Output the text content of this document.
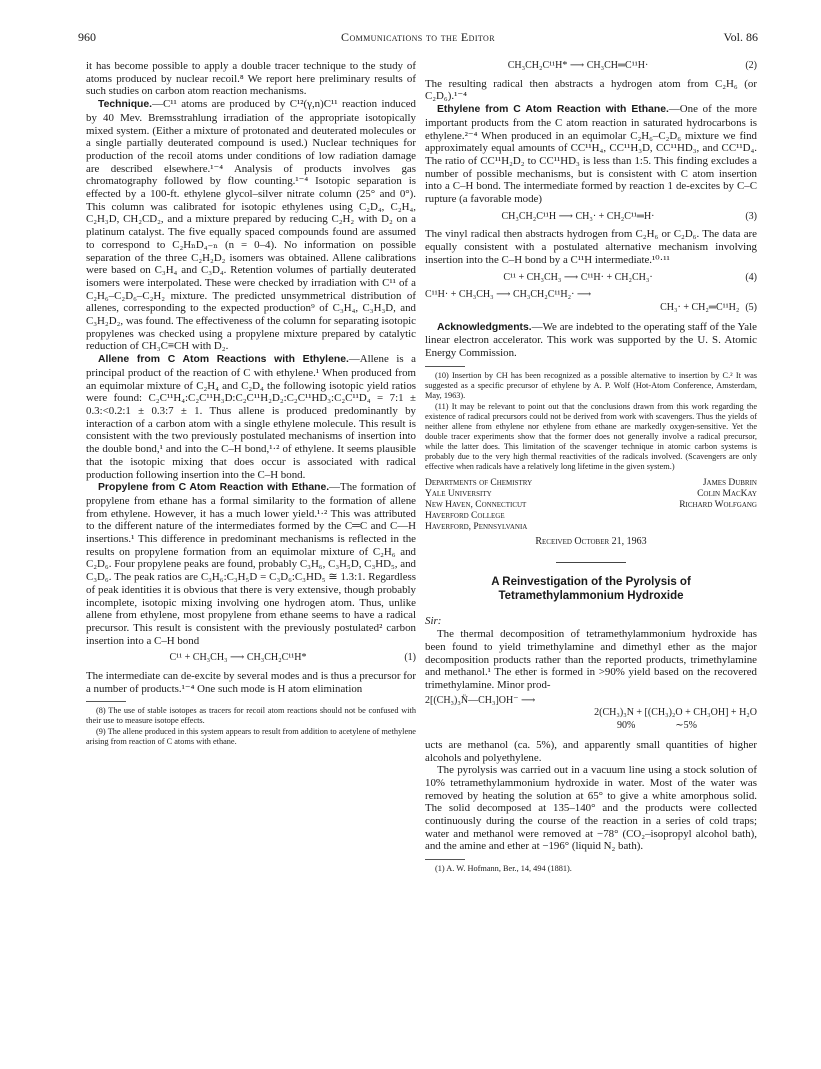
960	Communications to the Editor	Vol. 86

it has become possible to apply a double tracer technique to the study of atoms produced by nuclear recoil.⁸ We report here preliminary results of such studies on carbon atom reaction mechanisms.

Technique.—C¹¹ atoms are produced by C¹²(γ,n)C¹¹ reaction induced by 40 Mev. Bremsstrahlung irradiation of the appropriate isotopically mixed system. (Either a mixture of protonated and deuterated molecules or a single partially deuterated compound is used.) Nuclear techniques for production of the recoil atoms under conditions of low radiation damage are described elsewhere.¹⁻⁴ Analysis of products involves gas chromatography followed by flow counting.¹⁻⁴ Isotopic separation is effected by a 100-ft. ethylene glycol–silver nitrate column (25° and 0°). This column was calibrated for isotopic ethylenes using C₂D₄, C₂H₄, C₂H₃D, CH₂CD₂, and a mixture prepared by reducing C₂H₂ with D₂ on a platinum catalyst. The five equally spaced compounds found are assumed to correspond to C₂HₙD₄₋ₙ (n = 0–4). No information on possible separation of the three C₂H₂D₂ isomers was obtained. Allene calibrations were based on C₃H₄ and C₃D₄. Retention volumes of partially deuterated isomers were interpolated. These were checked by irradiation with C¹¹ of a C₂H₆–C₂D₆–C₂H₂ mixture. The predicted unsymmetrical distribution of allenes, corresponding to the expected production⁹ of C₃H₄, C₃H₃D, and C₃H₂D₂, was found. The effectiveness of the column for separating isotopic propylenes was checked using a propylene mixture prepared by catalytic reduction of CH₃C≡CH with D₂.

Allene from C Atom Reactions with Ethylene.—Allene is a principal product of the reaction of C with ethylene.¹ When produced from an equimolar mixture of C₂H₄ and C₂D₄ the following isotopic yield ratios were found: C₂C¹¹H₄:C₂C¹¹H₃D:C₂C¹¹H₂D₂:C₂C¹¹HD₃:C₂C¹¹D₄ = 7:1 ± 0.3:<0.2:1 ± 0.3:7 ± 1. Thus allene is produced predominantly by interaction of a carbon atom with a single ethylene molecule. This result is consistent with the two previously postulated mechanisms of insertion into the double bond,¹ and into the C–H bond,¹·² of ethylene. It seems plausible that the isotopic mixing that does occur is associated with radical production following insertion into the C–H bond.

Propylene from C Atom Reaction with Ethane.—The formation of propylene from ethane has a formal similarity to the formation of allene from ethylene. However, it has a much lower yield.¹·² This was attributed to the different nature of the intermediates formed by the C═C and C—H insertions.¹ This difference in predominant mechanisms is reflected in the results on propylene formation from an equimolar mixture of C₂H₆ and C₂D₆. Four propylene peaks are found, probably C₃H₆, C₃H₅D, C₃HD₅, and C₃D₆. The peak ratios are C₃H₆:C₃H₅D = C₃D₆:C₃HD₅ ≅ 1.3:1. Regardless of peak identities it is obvious that there is very extensive, though probably incomplete, isotopic mixing involving one hydrogen atom. Thus, unlike allene from ethylene, most propylene from ethane seems to have a radical precursor. This result is consistent with the previously postulated² carbon insertion into a C–H bond

C¹¹ + CH₃CH₃ ⟶ CH₃CH₂C¹¹H*	(1)

The intermediate can de-excite by several modes and is thus a precursor for a number of products.¹⁻⁴ One such mode is H atom elimination

(8) The use of stable isotopes as tracers for recoil atom reactions should not be confused with their use to measure isotope effects.

(9) The allene produced in this system appears to result from addition to acetylene of methylene arising from reaction of C atoms with ethane.

CH₃CH₂C¹¹H* ⟶ CH₃CH═C¹¹H·	(2)

The resulting radical then abstracts a hydrogen atom from C₂H₆ (or C₂D₆).¹⁻⁴

Ethylene from C Atom Reaction with Ethane.—One of the more important products from the C atom reaction in saturated hydrocarbons is ethylene.²⁻⁴ When produced in an equimolar C₂H₆–C₂D₆ mixture we find approximately equal amounts of CC¹¹H₄, CC¹¹H₃D, CC¹¹HD₃, and CC¹¹D₄. The ratio of CC¹¹H₂D₂ to CC¹¹HD₃ is less than 1:5. This finding excludes a number of possible mechanisms, but is consistent with C atom insertion into a C–H bond. The intermediate formed by reaction 1 de-excites by C–C rupture (a favorable mode)

CH₃CH₂C¹¹H ⟶ CH₃· + CH₂C¹¹═H·	(3)

The vinyl radical then abstracts hydrogen from C₂H₆ or C₂D₆. The data are equally consistent with a postulated alternative mechanism involving insertion into the C–H bond by a C¹¹H intermediate.¹⁰·¹¹

C¹¹ + CH₃CH₃ ⟶ C¹¹H· + CH₂CH₃·	(4)
C¹¹H· + CH₃CH₃ ⟶ CH₃CH₂C¹¹H₂· ⟶
CH₃· + CH₂═C¹¹H₂ (5)

Acknowledgments.—We are indebted to the operating staff of the Yale linear electron accelerator. This work was supported by the U. S. Atomic Energy Commission.

(10) Insertion by CH has been recognized as a possible alternative to insertion by C.² It was suggested as a specific precursor of ethylene by A. P. Wolf (Hot-Atom Conference, Amsterdam, May, 1963).

(11) It may be relevant to point out that the conclusions drawn from this work regarding the existence of radical precursors could not be derived from work with scavengers. Thus the yields of neither allene from ethylene nor ethylene from ethane are markedly oxygen-sensitive. Yet the double tracer experiments show that the former does not generally involve a radical precursor, while the latter does. This limitation of the scavenger technique in atomic carbon systems is probably due to the very high thermal reactivities of the radicals involved. (Scavengers are only effective when radicals have a relatively long lifetime in the given system.)

Departments of Chemistry
Yale University
New Haven, Connecticut
Haverford College
Haverford, Pennsylvania
James Dubrin
Colin MacKay
Richard Wolfgang
Received October 21, 1963
A Reinvestigation of the Pyrolysis of
Tetramethylammonium Hydroxide

Sir:

The thermal decomposition of tetramethylammonium hydroxide has been found to yield trimethylamine and dimethyl ether as the major decomposition products rather than the reported products, trimethylamine and methanol.¹ The ether is formed in >90% yield based on the recovered trimethylamine. Minor prod-

2[(CH₃)₃N̈—CH₃]OH⁻ ⟶
2(CH₃)₃N + [(CH₃)₂O + CH₃OH] + H₂O
90%                ∼5%

ucts are methanol (ca. 5%), and apparently small quantities of higher alcohols and polyethylene.

The pyrolysis was carried out in a vacuum line using a stock solution of 10% tetramethylammonium hydroxide in water. Most of the water was removed by heating the solution at 65° to give a white amorphous solid. The solid decomposed at 135–140° and the products were collected continuously during the course of the reaction in a series of cold traps; water and methanol were removed at −78° (CO₂–isopropyl alcohol bath), and the amine and ether at −196° (liquid N₂ bath).

(1) A. W. Hofmann, Ber., 14, 494 (1881).
